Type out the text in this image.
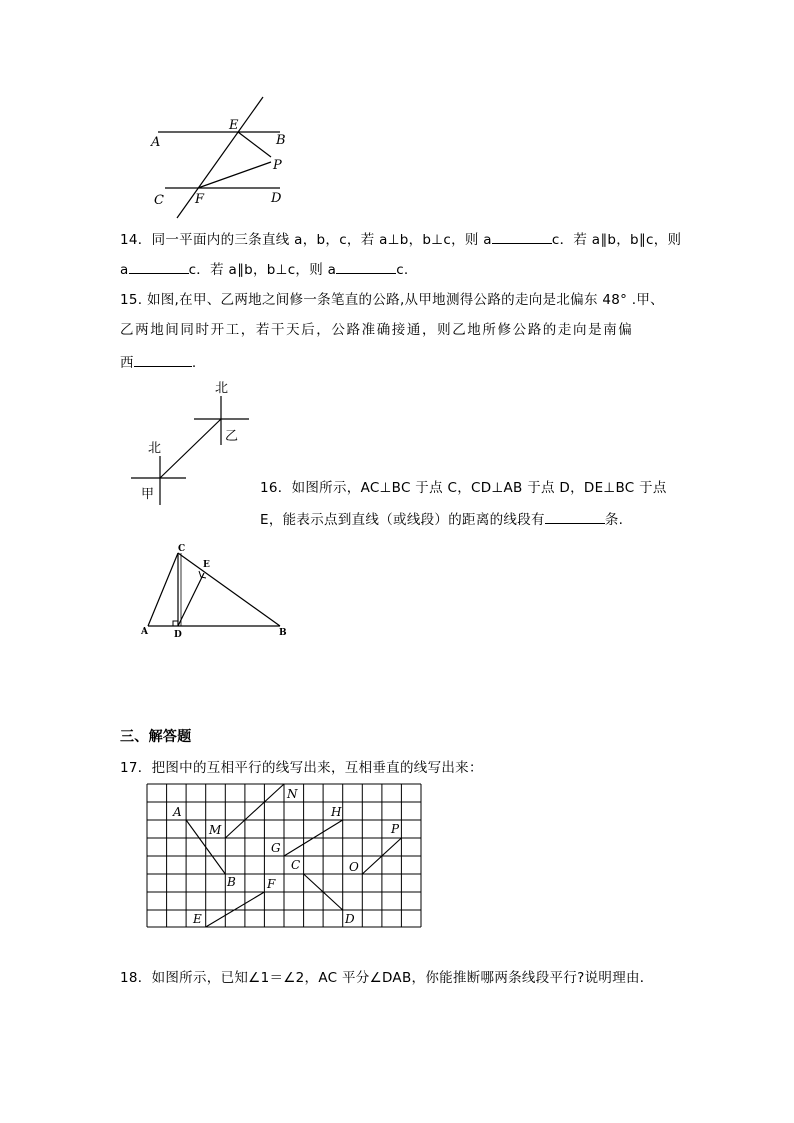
A
E
B
P
C F	D
14．同一平面内的三条直线 a，b，c，若 a⊥b，b⊥c，则 a	c．若 a∥b，b∥c，则
a	c．若 a∥b，b⊥c，则 a	c.
15. 如图,在甲、乙两地之间修一条笔直的公路,从甲地测得公路的走向是北偏东 48° .甲、
乙两地间同时开工，若干天后，公路准确接通，则乙地所修公路的走向是南偏
西	.
北
乙
北
甲	16．如图所示，AC⊥BC 于点 C，CD⊥AB 于点 D，DE⊥BC 于点
E，能表示点到直线（或线段）的距离的线段有	条.
C
E
A	D	B
三、解答题
17．把图中的互相平行的线写出来，互相垂直的线写出来：
N
A
M
H
P
G
C	O
B	F
E	D
18．如图所示，已知∠1＝∠2，AC 平分∠DAB，你能推断哪两条线段平行?说明理由．
